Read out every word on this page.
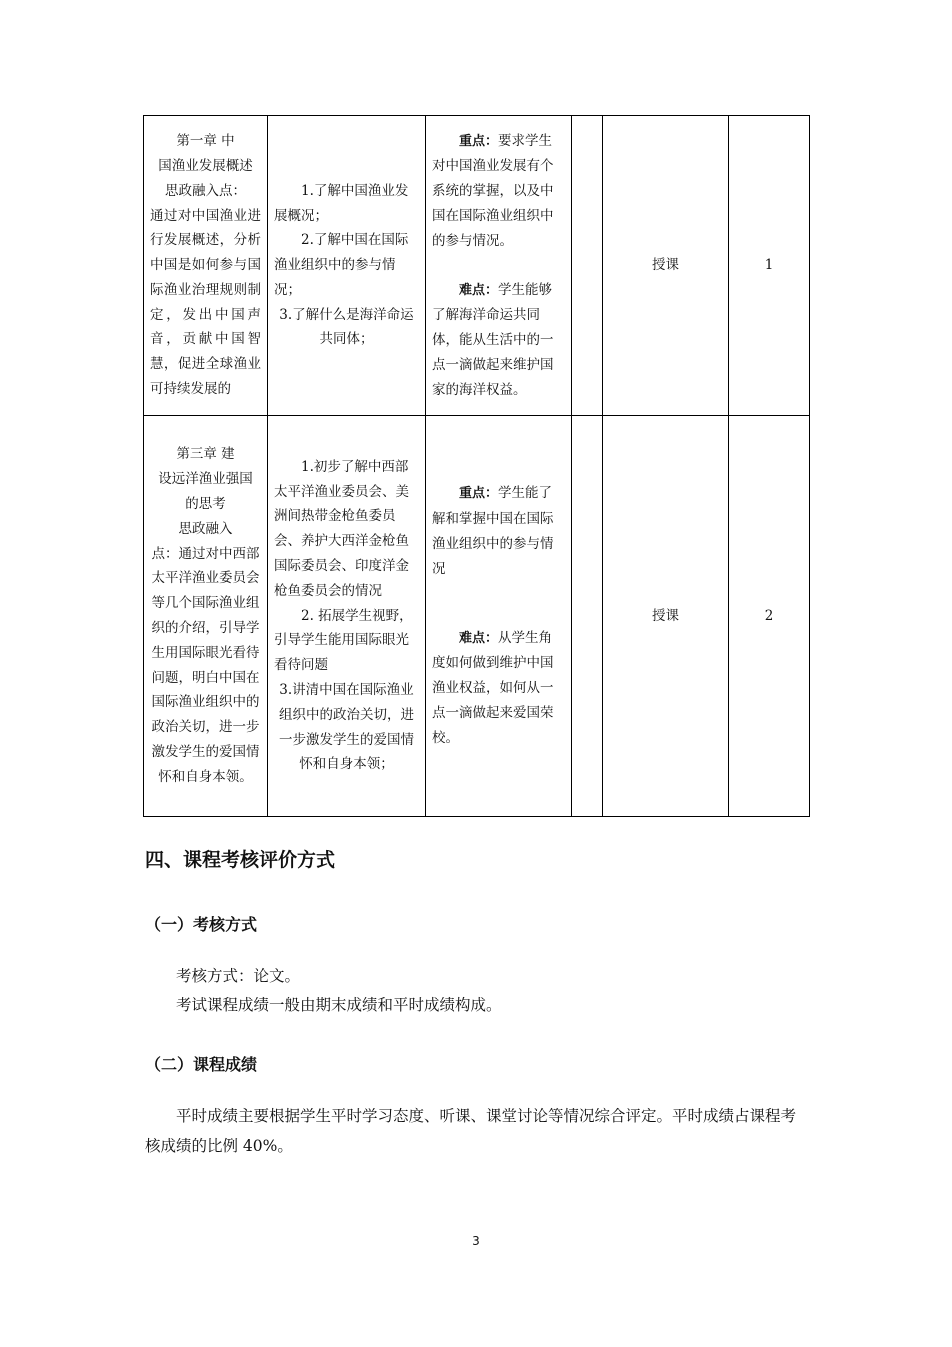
第一章 中
国渔业发展概述
思政融入点：
通过对中国渔业进行发展概述，分析中国是如何参与国际渔业治理规则制定，发出中国声音，贡献中国智慧，促进全球渔业可持续发展的	1.了解中国渔业发展概况；
2.了解中国在国际渔业组织中的参与情况；
3.了解什么是海洋命运共同体；	重点：要求学生对中国渔业发展有个系统的掌握，以及中国在国际渔业组织中的参与情况。
难点：学生能够了解海洋命运共同体，能从生活中的一点一滴做起来维护国家的海洋权益。		授课	1

第三章 建
设远洋渔业强国
的思考
思政融入
点：通过对中西部太平洋渔业委员会等几个国际渔业组织的介绍，引导学生用国际眼光看待问题，明白中国在国际渔业组织中的政治关切，进一步激发学生的爱国情怀和自身本领。	1.初步了解中西部太平洋渔业委员会、美洲间热带金枪鱼委员会、养护大西洋金枪鱼国际委员会、印度洋金枪鱼委员会的情况
2. 拓展学生视野，引导学生能用国际眼光看待问题
3.讲清中国在国际渔业组织中的政治关切，进一步激发学生的爱国情怀和自身本领；	重点：学生能了解和掌握中国在国际渔业组织中的参与情况
难点：从学生角度如何做到维护中国渔业权益，如何从一点一滴做起来爱国荣校。		授课	2
四、课程考核评价方式
（一）考核方式

考核方式：论文。

考试课程成绩一般由期末成绩和平时成绩构成。

（二）课程成绩

平时成绩主要根据学生平时学习态度、听课、课堂讨论等情况综合评定。平时成绩占课程考核成绩的比例 40%。

3
